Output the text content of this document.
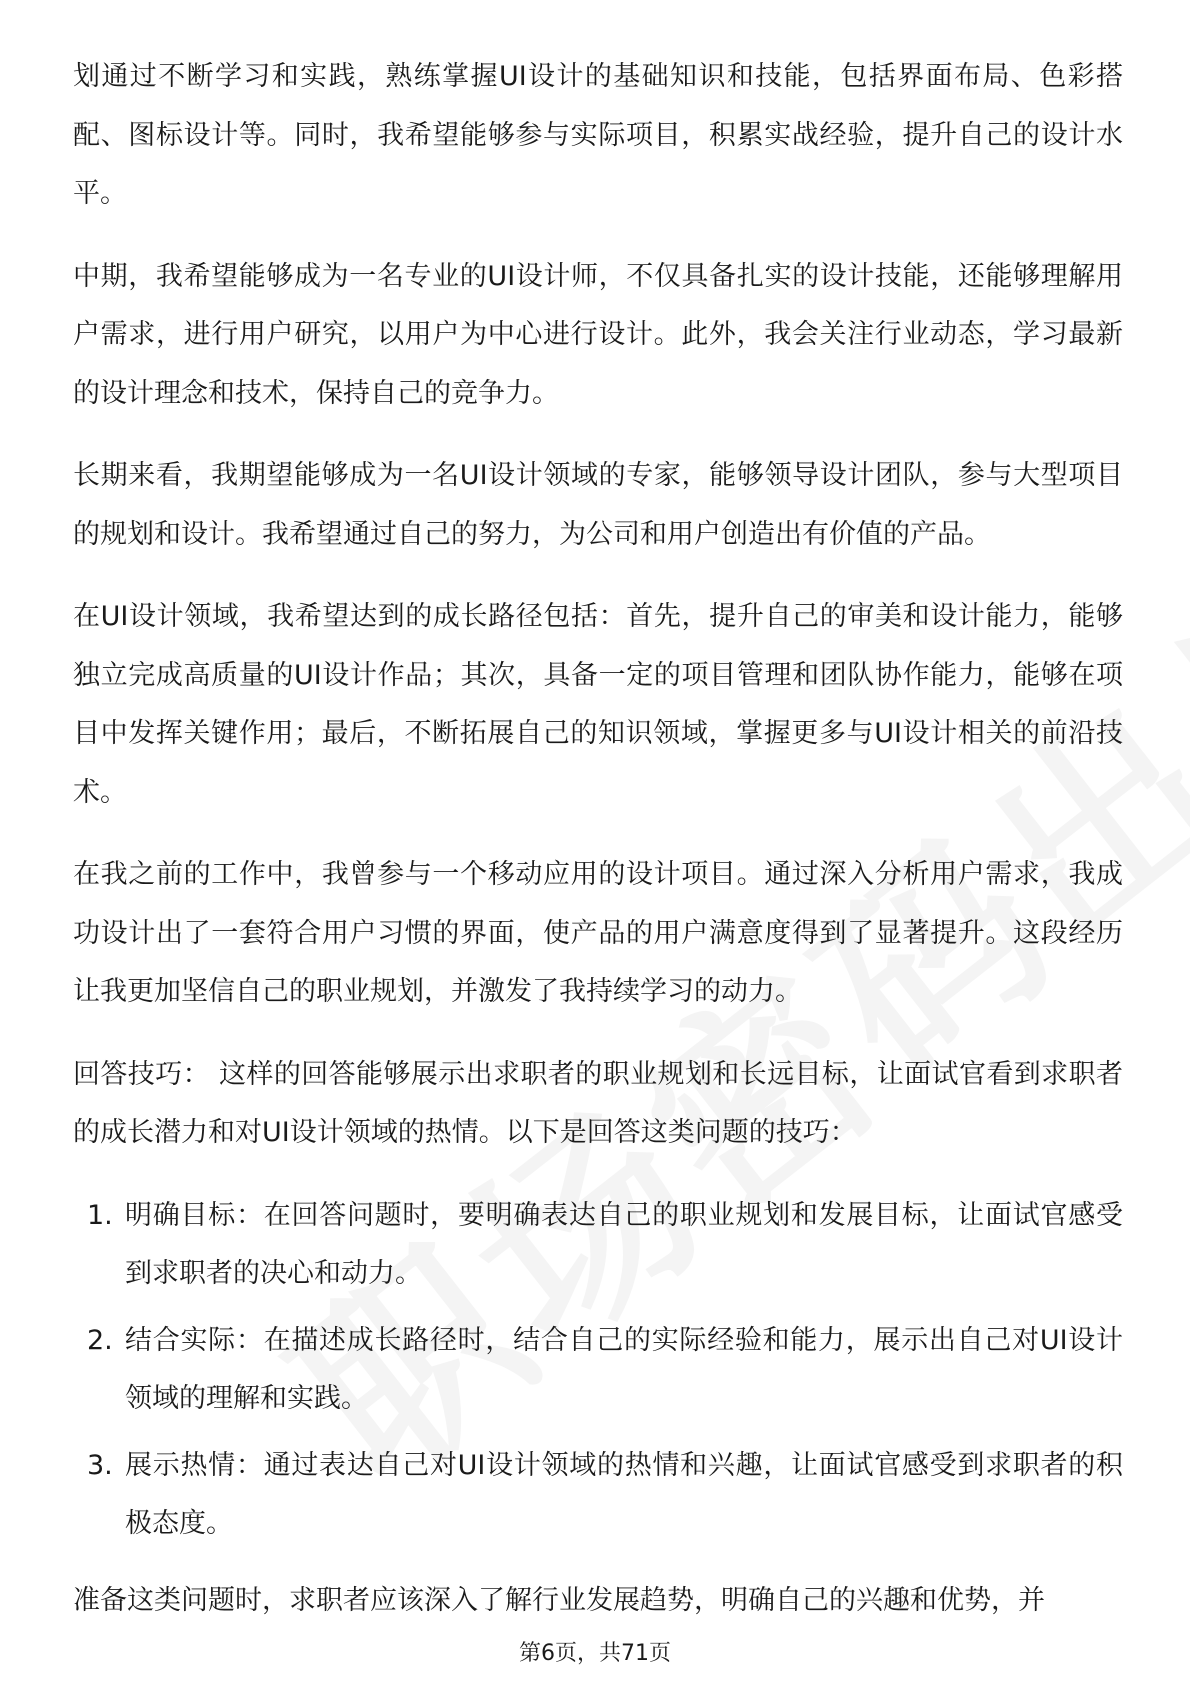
划通过不断学习和实践，熟练掌握UI设计的基础知识和技能，包括界面布局、色彩搭配、图标设计等。同时，我希望能够参与实际项目，积累实战经验，提升自己的设计水平。

中期，我希望能够成为一名专业的UI设计师，不仅具备扎实的设计技能，还能够理解用户需求，进行用户研究，以用户为中心进行设计。此外，我会关注行业动态，学习最新的设计理念和技术，保持自己的竞争力。

长期来看，我期望能够成为一名UI设计领域的专家，能够领导设计团队，参与大型项目的规划和设计。我希望通过自己的努力，为公司和用户创造出有价值的产品。

在UI设计领域，我希望达到的成长路径包括：首先，提升自己的审美和设计能力，能够独立完成高质量的UI设计作品；其次，具备一定的项目管理和团队协作能力，能够在项目中发挥关键作用；最后，不断拓展自己的知识领域，掌握更多与UI设计相关的前沿技术。

在我之前的工作中，我曾参与一个移动应用的设计项目。通过深入分析用户需求，我成功设计出了一套符合用户习惯的界面，使产品的用户满意度得到了显著提升。这段经历让我更加坚信自己的职业规划，并激发了我持续学习的动力。

回答技巧： 这样的回答能够展示出求职者的职业规划和长远目标，让面试官看到求职者的成长潜力和对UI设计领域的热情。以下是回答这类问题的技巧：

1. 明确目标：在回答问题时，要明确表达自己的职业规划和发展目标，让面试官感受到求职者的决心和动力。
2. 结合实际：在描述成长路径时，结合自己的实际经验和能力，展示出自己对UI设计领域的理解和实践。
3. 展示热情：通过表达自己对UI设计领域的热情和兴趣，让面试官感受到求职者的积极态度。

准备这类问题时，求职者应该深入了解行业发展趋势，明确自己的兴趣和优势，并

第6页，共71页
